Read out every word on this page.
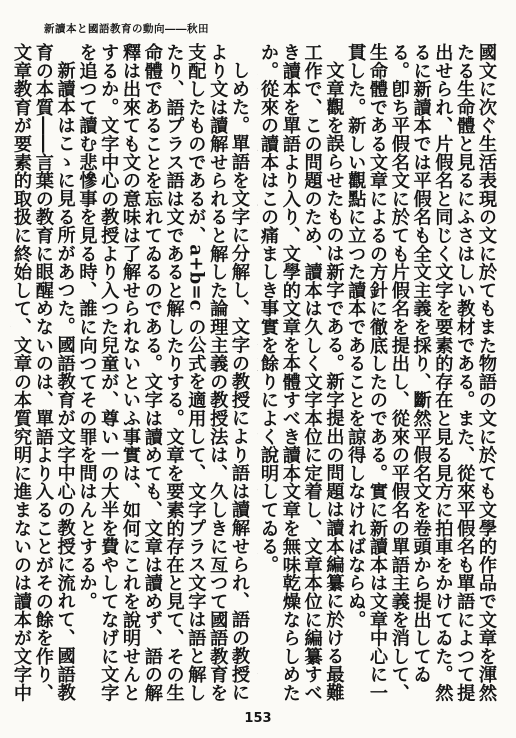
新讀本と國語教育の動向――秋田

國文に次ぐ生活表現の文に於てもまた物語の文に於ても文學的作品で文章を渾然たる生命體と見るにふさはしい教材である。また、從來平假名も單語によつて提出せられ、片假名と同じく文字を要素的存在と見る見方に拍車をかけてゐた。然るに新讀本では平假名も全文主義を採り、斷然平假名文を卷頭から提出してゐる。卽ち平假名文に於ても片假名を提出し、從來の平假名の單語主義を消して、生命體である文章によるの方針に徹底したのである。實に新讀本は文章中心に一貫した。新しい觀點に立つた讀本であることを諒得しなければならぬ。

文章觀を誤らせたものは新字である。新字提出の問題は讀本編纂に於ける最難工作で、この問題のため、讀本は久しく文字本位に定着し、文章本位に編纂すべき讀本を單語より入り、文學的文章を本體すべき讀本文章を無味乾燥ならしめたか。從來の讀本はこの痛ましき事實を餘りによく說明してゐる。

しめた。單語を文字に分解し、文字の教授により語は讀解せられ、語の教授により文は讀解せられると解した論理主義の教授法は、久しきに亙つて國語教育を支配したものであるが、a+b=c の公式を適用して、文字プラス文字は語と解したり、語プラス語は文であると解したりする。文章を要素的存在と見て、その生命體であることを忘れてゐるのである。文字は讀めても、文章は讀めず、語の解釋は出來ても文の意味は了解せられないといふ事實は、如何にこれを說明せんとするか。文字中心の教授より入つた兒童が、尊い一の大半を費やしてなげに文字を追つて讀む悲慘事を見る時、誰に向つてその罪を問はんとするか。

新讀本はこゝに見る所があつた。國語教育が文字中心の教授に流れて、國語教育の本質――言葉の教育に眼醒めないのは、單語より入ることがその餘を作り、文章教育が要素的取扱に終始して、文章の本質究明に進まないのは讀本が文字中

153
